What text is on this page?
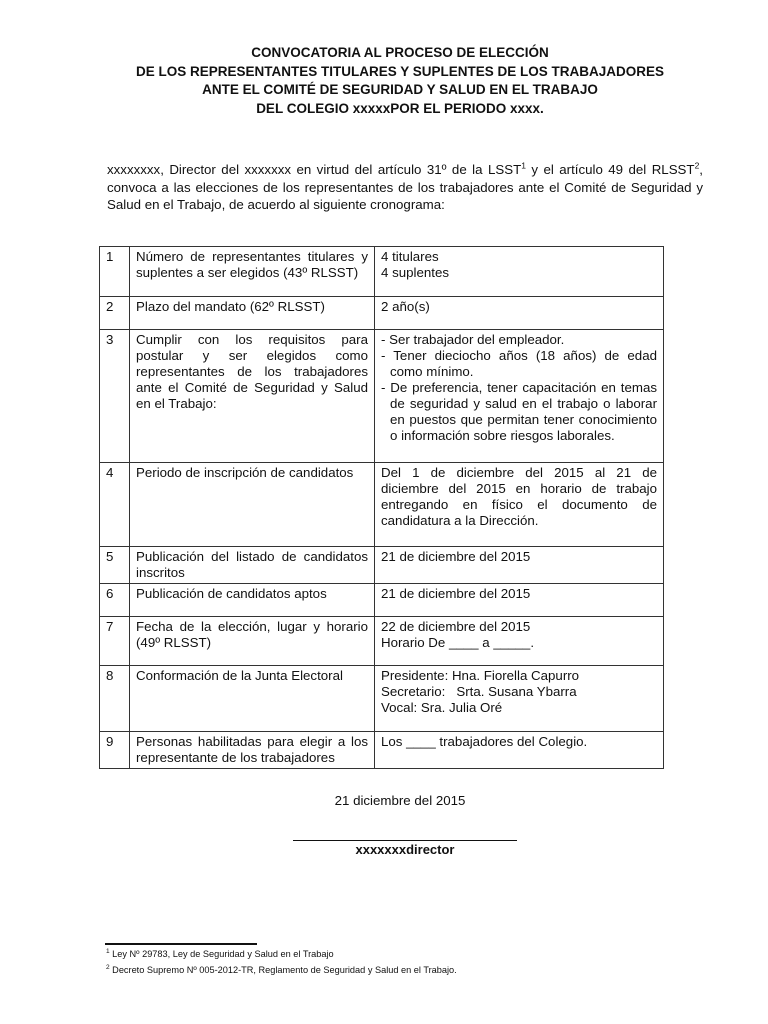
CONVOCATORIA AL PROCESO DE ELECCIÓN
DE LOS REPRESENTANTES TITULARES Y SUPLENTES DE LOS TRABAJADORES
ANTE EL COMITÉ DE SEGURIDAD Y SALUD EN EL TRABAJO
DEL COLEGIO xxxxxPOR EL PERIODO xxxx.
xxxxxxxx, Director del xxxxxxx en virtud del artículo 31º de la LSST$^1$ y el artículo 49 del RLSST$^2$, convoca a las elecciones de los representantes de los trabajadores ante el Comité de Seguridad y Salud en el Trabajo, de acuerdo al siguiente cronograma:
1	Número de representantes titulares y suplentes a ser elegidos (43º RLSST)	4 titulares
4 suplentes

2	Plazo del mandato (62º RLSST)	2 año(s)

3	Cumplir con los requisitos para postular y ser elegidos como representantes de los trabajadores ante el Comité de Seguridad y Salud en el Trabajo:	- Ser trabajador del empleador.
- Tener dieciocho años (18 años) de edad como mínimo.
- De preferencia, tener capacitación en temas de seguridad y salud en el trabajo o laborar en puestos que permitan tener conocimiento o información sobre riesgos laborales.

4	Periodo de inscripción de candidatos	Del 1 de diciembre del 2015 al 21 de diciembre del 2015 en horario de trabajo entregando en físico el documento de candidatura a la Dirección.

5	Publicación del listado de candidatos inscritos	21 de diciembre del 2015

6	Publicación de candidatos aptos	21 de diciembre del 2015

7	Fecha de la elección, lugar y horario (49º RLSST)	22 de diciembre del 2015
Horario De ____ a _____.

8	Conformación de la Junta Electoral	Presidente: Hna. Fiorella Capurro
Secretario:   Srta. Susana Ybarra
Vocal: Sra. Julia Oré

9	Personas habilitadas para elegir a los representante de los trabajadores	Los ____ trabajadores del Colegio.
21 diciembre del 2015
xxxxxxxdirector
$^1$ Ley Nº 29783, Ley de Seguridad y Salud en el Trabajo
$^2$ Decreto Supremo Nº 005-2012-TR, Reglamento de Seguridad y Salud en el Trabajo.
